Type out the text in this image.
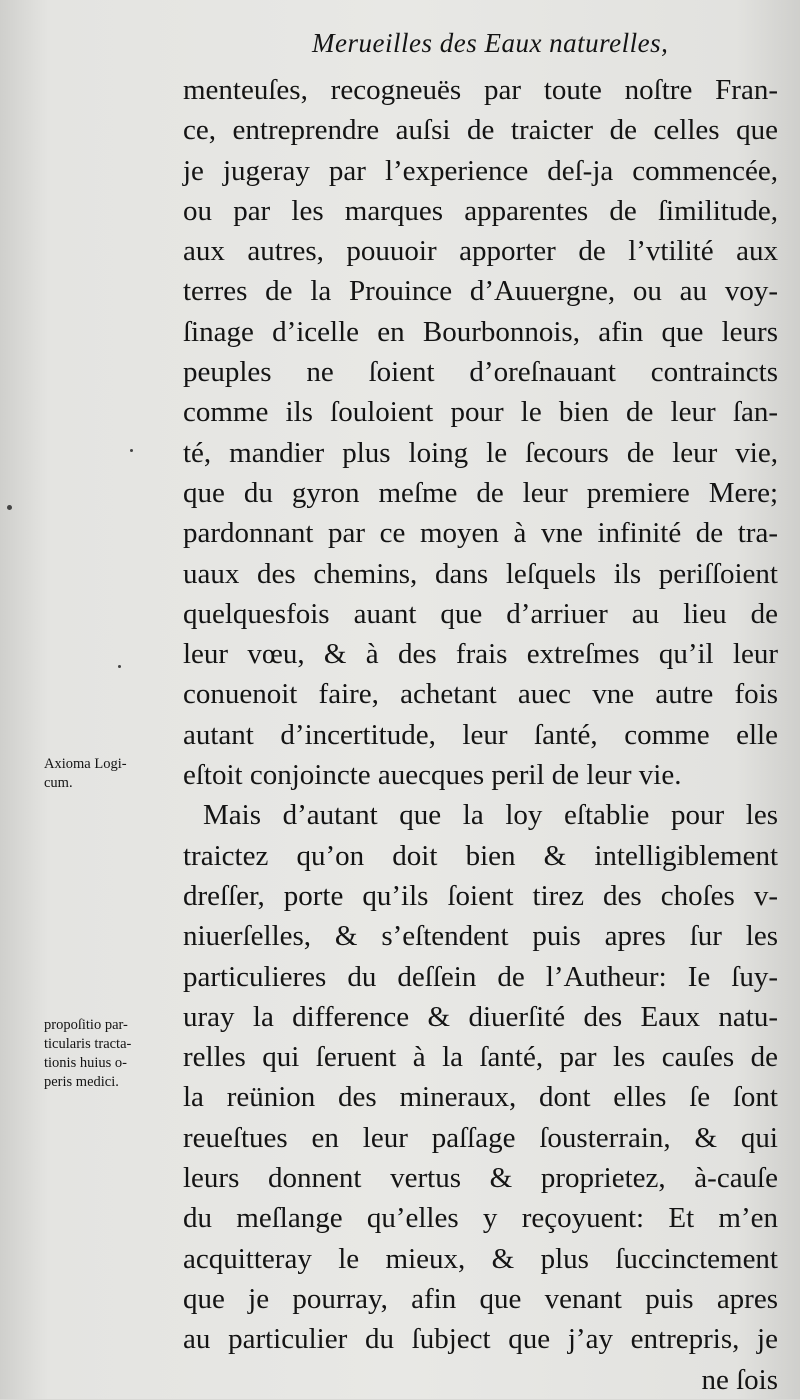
Merueilles des Eaux naturelles,
menteuſes, recogneuës par toute noſtre Fran-
ce, entreprendre auſsi de traicter de celles que
je jugeray par l’experience deſ-ja commencée,
ou par les marques apparentes de ſimilitude,
aux autres, pouuoir apporter de l’vtilité aux
terres de la Prouince d’Auuergne, ou au voy-
ſinage d’icelle en Bourbonnois, afin que leurs
peuples ne ſoient d’oreſnauant contraincts
comme ils ſouloient pour le bien de leur ſan-
té, mandier plus loing le ſecours de leur vie,
que du gyron meſme de leur premiere Mere;
pardonnant par ce moyen à vne infinité de tra-
uaux des chemins, dans leſquels ils periſſoient
quelquesfois auant que d’arriuer au lieu de
leur vœu, & à des frais extreſmes qu’il leur
conuenoit faire, achetant auec vne autre fois
autant d’incertitude, leur ſanté, comme elle
eſtoit conjoincte auecques peril de leur vie.
Mais d’autant que la loy eſtablie pour les
traictez qu’on doit bien & intelligiblement
dreſſer, porte qu’ils ſoient tirez des choſes v-
niuerſelles, & s’eſtendent puis apres ſur les
particulieres du deſſein de l’Autheur: Ie ſuy-
uray la difference & diuerſité des Eaux natu-
relles qui ſeruent à la ſanté, par les cauſes de
la reünion des mineraux, dont elles ſe ſont
reueſtues en leur paſſage ſousterrain, & qui
leurs donnent vertus & proprietez, à-cauſe
du meſlange qu’elles y reçoyuent: Et m’en
acquitteray le mieux, & plus ſuccinctement
que je pourray, afin que venant puis apres
au particulier du ſubject que j’ay entrepris, je
ne ſois
Axioma Logi-
cum.
propoſitio par-
ticularis tracta-
tionis huius o-
peris medici.
